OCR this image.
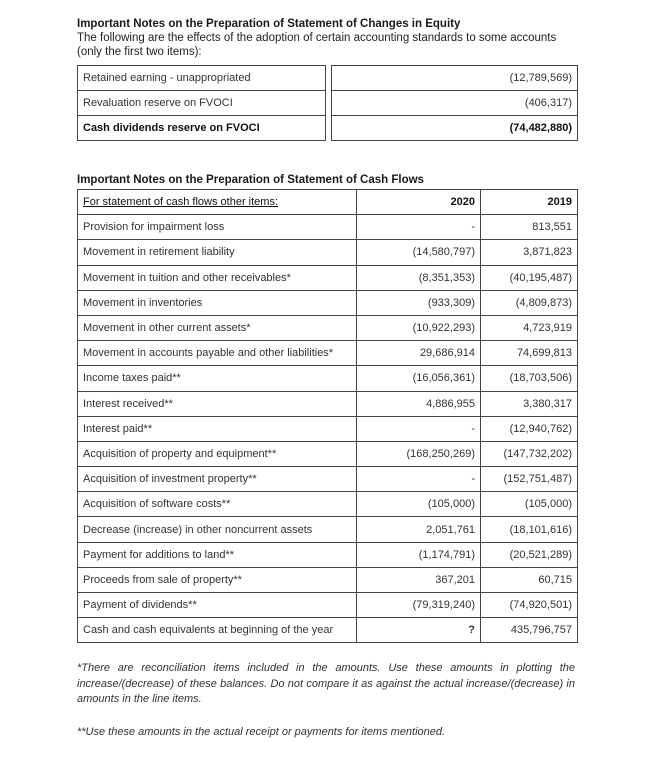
Important Notes on the Preparation of Statement of Changes in Equity
The following are the effects of the adoption of certain accounting standards to some accounts
(only the first two items):
Retained earning - unappropriated		(12,789,569)
Revaluation reserve on FVOCI		(406,317)
Cash dividends reserve on FVOCI		(74,482,880)
Important Notes on the Preparation of Statement of Cash Flows
For statement of cash flows other items:	2020	2019
Provision for impairment loss	-	813,551
Movement in retirement liability	(14,580,797)	3,871,823
Movement in tuition and other receivables*	(8,351,353)	(40,195,487)
Movement in inventories	(933,309)	(4,809,873)
Movement in other current assets*	(10,922,293)	4,723,919
Movement in accounts payable and other liabilities*	29,686,914	74,699,813
Income taxes paid**	(16,056,361)	(18,703,506)
Interest received**	4,886,955	3,380,317
Interest paid**	-	(12,940,762)
Acquisition of property and equipment**	(168,250,269)	(147,732,202)
Acquisition of investment property**	-	(152,751,487)
Acquisition of software costs**	(105,000)	(105,000)
Decrease (increase) in other noncurrent assets	2,051,761	(18,101,616)
Payment for additions to land**	(1,174,791)	(20,521,289)
Proceeds from sale of property**	367,201	60,715
Payment of dividends**	(79,319,240)	(74,920,501)
Cash and cash equivalents at beginning of the year	?	435,796,757
*There are reconciliation items included in the amounts. Use these amounts in plotting the increase/(decrease) of these balances. Do not compare it as against the actual increase/(decrease) in amounts in the line items.
**Use these amounts in the actual receipt or payments for items mentioned.
